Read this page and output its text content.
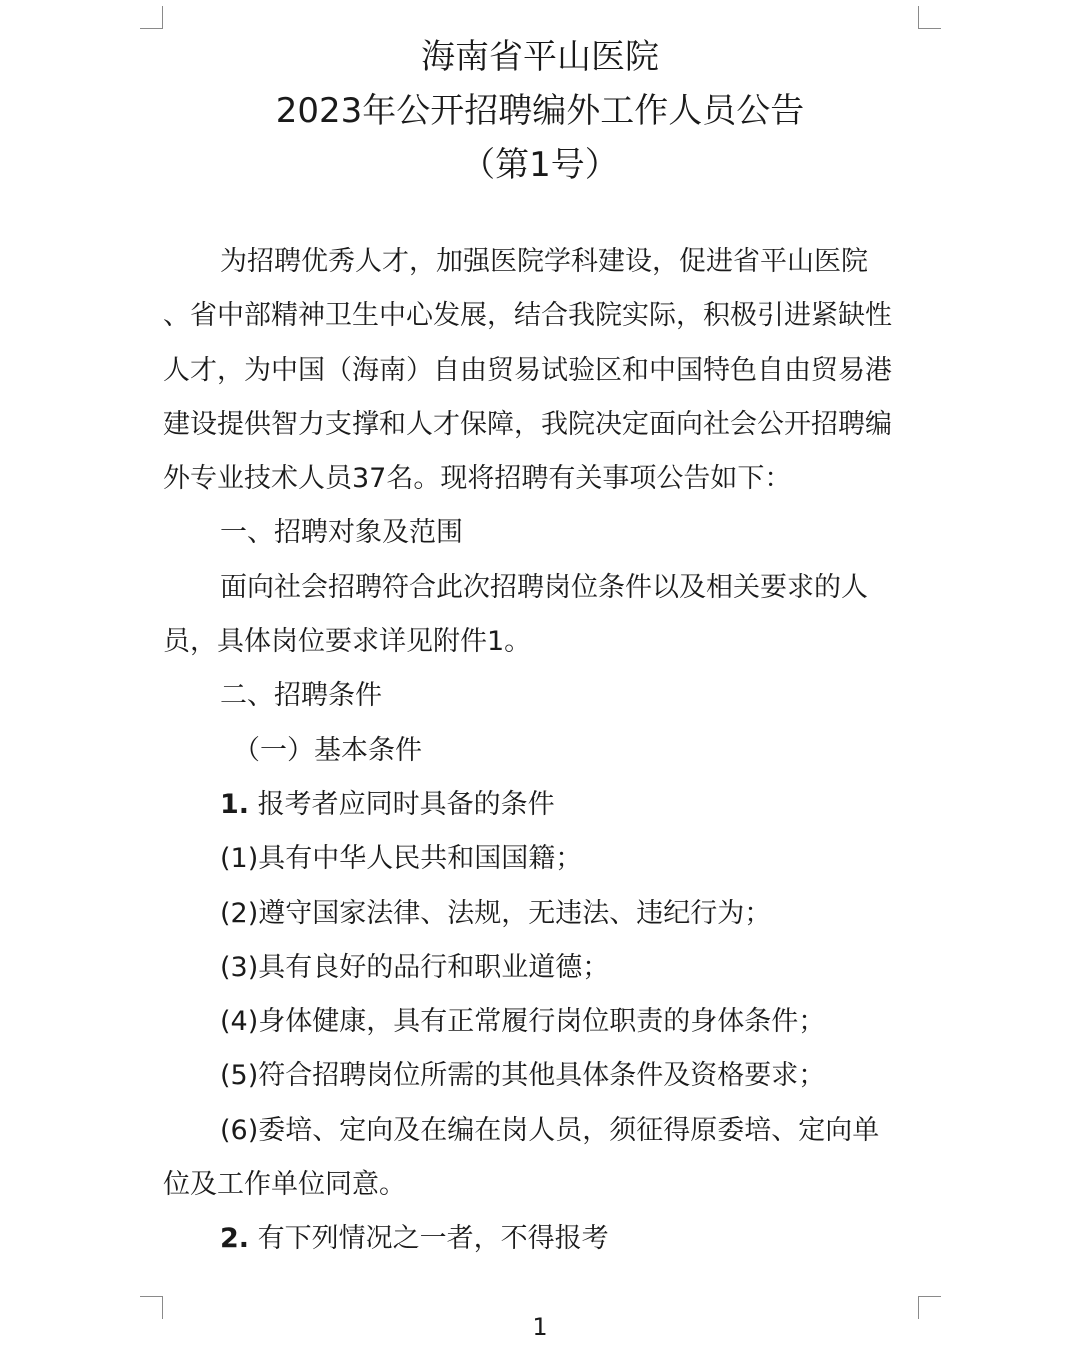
海南省平山医院
2023年公开招聘编外工作人员公告
（第1号）
为招聘优秀人才，加强医院学科建设，促进省平山医院
、省中部精神卫生中心发展，结合我院实际，积极引进紧缺性
人才，为中国（海南）自由贸易试验区和中国特色自由贸易港
建设提供智力支撑和人才保障，我院决定面向社会公开招聘编
外专业技术人员37名。现将招聘有关事项公告如下：
一、招聘对象及范围
面向社会招聘符合此次招聘岗位条件以及相关要求的人
员，具体岗位要求详见附件1。
二、招聘条件
（一）基本条件
1. 报考者应同时具备的条件
(1)具有中华人民共和国国籍；
(2)遵守国家法律、法规，无违法、违纪行为；
(3)具有良好的品行和职业道德；
(4)身体健康，具有正常履行岗位职责的身体条件；
(5)符合招聘岗位所需的其他具体条件及资格要求；
(6)委培、定向及在编在岗人员，须征得原委培、定向单
位及工作单位同意。
2. 有下列情况之一者，不得报考
1
